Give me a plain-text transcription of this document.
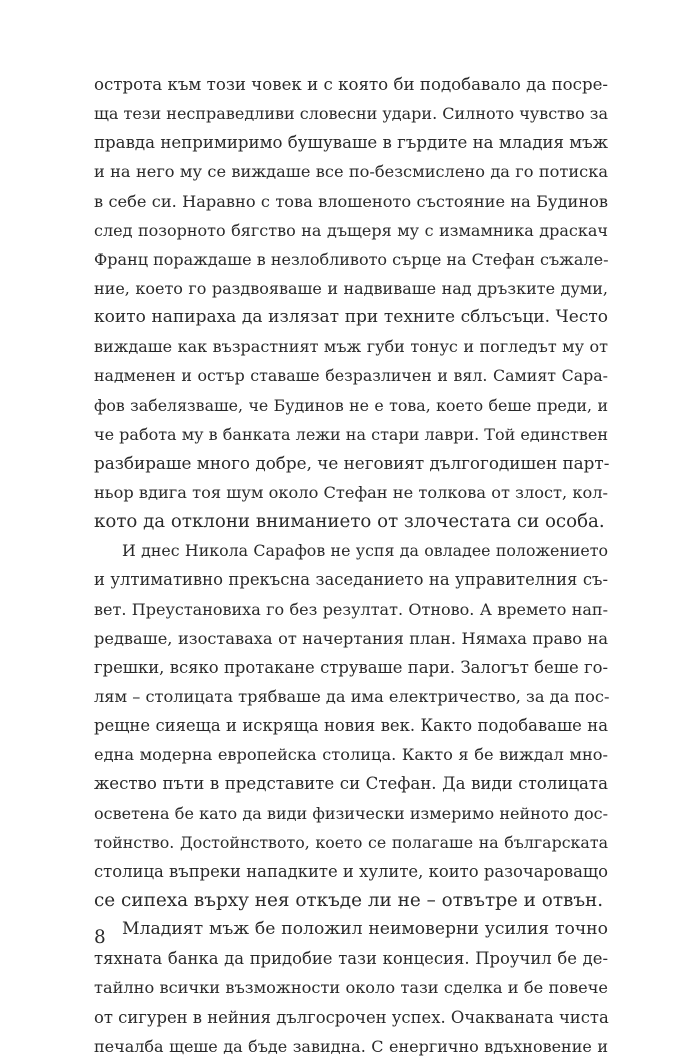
острота към този човек и с която би подобавало да посре-
ща тези несправедливи словесни удари. Силното чувство за
правда непримиримо бушуваше в гърдите на младия мъж
и на него му се виждаше все по-безсмислено да го потиска
в себе си. Наравно с това влошеното състояние на Будинов
след позорното бягство на дъщеря му с измамника драскач
Франц пораждаше в незлобливото сърце на Стефан съжале-
ние, което го раздвояваше и надвиваше над дръзките думи,
които напираха да излязат при техните сблъсъци. Често
виждаше как възрастният мъж губи тонус и погледът му от
надменен и остър ставаше безразличен и вял. Самият Сара-
фов забелязваше, че Будинов не е това, което беше преди, и
че работа му в банката лежи на стари лаври. Той единствен
разбираше много добре, че неговият дългогодишен парт-
ньор вдига тоя шум около Стефан не толкова от злост, кол-
кото да отклони вниманието от злочестата си особа.
И днес Никола Сарафов не успя да овладее положението
и ултимативно прекъсна заседанието на управителния съ-
вет. Преустановиха го без резултат. Отново. А времето нап-
редваше, изоставаха от начертания план. Нямаха право на
грешки, всяко протакане струваше пари. Залогът беше го-
лям – столицата трябваше да има електричество, за да пос-
рещне сияеща и искряща новия век. Както подобаваше на
една модерна европейска столица. Както я бе виждал мно-
жество пъти в представите си Стефан. Да види столицата
осветена бе като да види физически измеримо нейното дос-
тойнство. Достойнството, което се полагаше на българската
столица въпреки нападките и хулите, които разочароващо
се сипеха върху нея откъде ли не – отвътре и отвън.
Младият мъж бе положил неимоверни усилия точно
тяхната банка да придобие тази концесия. Проучил бе де-
тайлно всички възможности около тази сделка и бе повече
от сигурен в нейния дългосрочен успех. Очакваната чиста
печалба щеше да бъде завидна. С енергично вдъхновение и
8
